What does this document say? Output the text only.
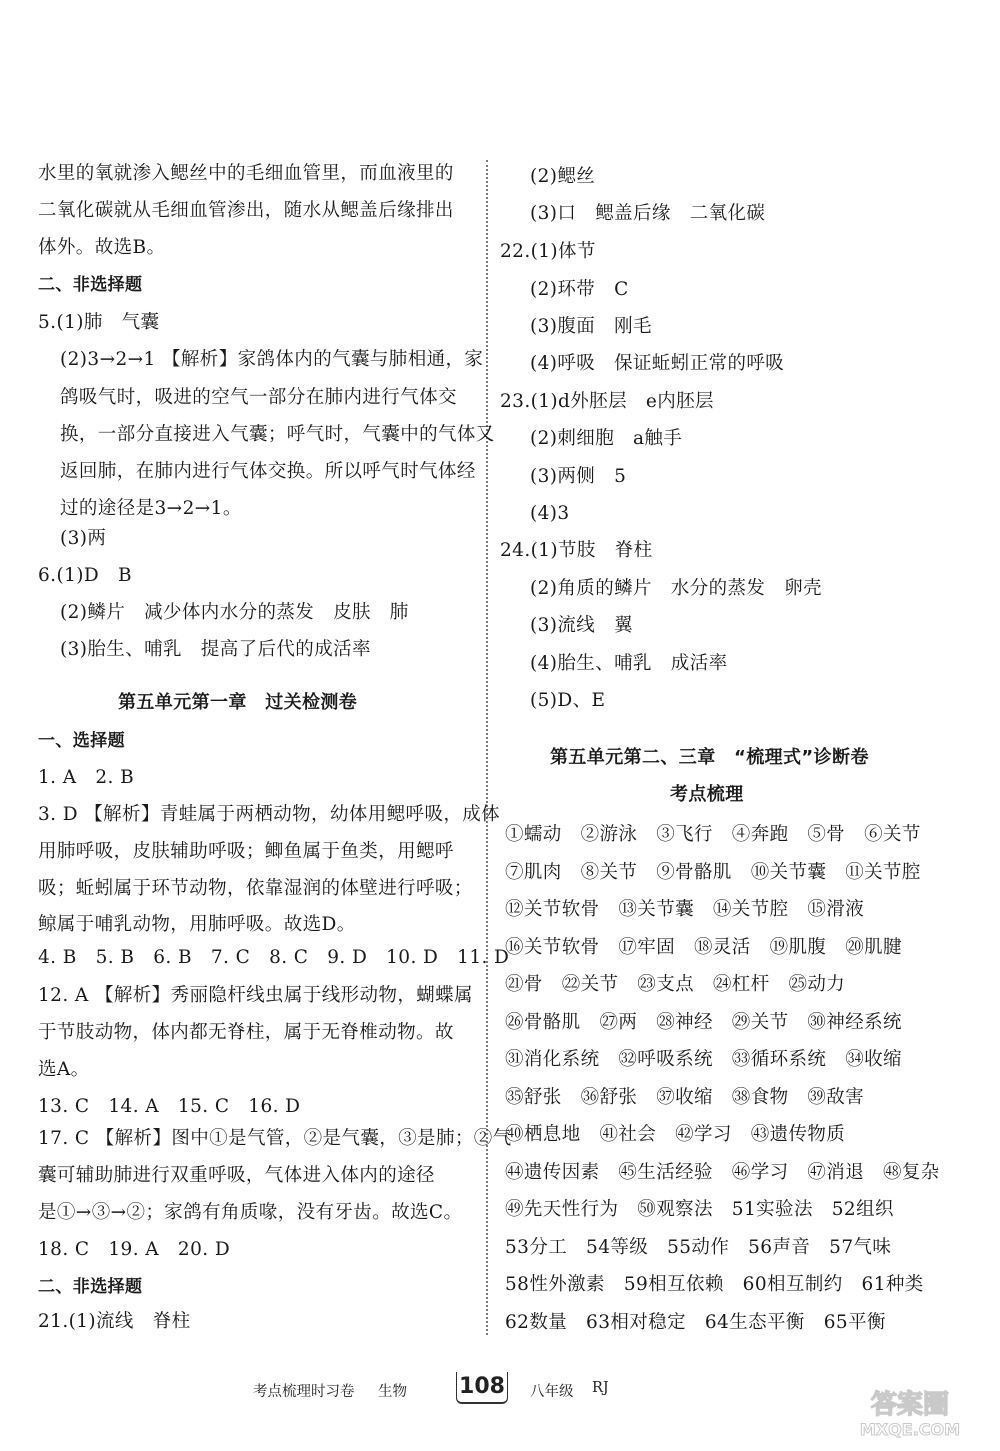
水里的氧就渗入鳃丝中的毛细血管里，而血液里的
二氧化碳就从毛细血管渗出，随水从鳃盖后缘排出
体外。故选B。
二、非选择题
5.(1)肺　气囊
(2)3→2→1 【解析】家鸽体内的气囊与肺相通，家
鸽吸气时，吸进的空气一部分在肺内进行气体交
换，一部分直接进入气囊；呼气时，气囊中的气体又
返回肺，在肺内进行气体交换。所以呼气时气体经
过的途径是3→2→1。
(3)两
6.(1)D　B
(2)鳞片　减少体内水分的蒸发　皮肤　肺
(3)胎生、哺乳　提高了后代的成活率
第五单元第一章　过关检测卷
一、选择题
1. A　2. B
3. D 【解析】青蛙属于两栖动物，幼体用鳃呼吸，成体
用肺呼吸，皮肤辅助呼吸；鲫鱼属于鱼类，用鳃呼
吸；蚯蚓属于环节动物，依靠湿润的体壁进行呼吸；
鲸属于哺乳动物，用肺呼吸。故选D。
4. B　5. B　6. B　7. C　8. C　9. D　10. D　11. D
12. A 【解析】秀丽隐杆线虫属于线形动物，蝴蝶属
于节肢动物，体内都无脊柱，属于无脊椎动物。故
选A。
13. C　14. A　15. C　16. D
17. C 【解析】图中①是气管，②是气囊，③是肺；②气
囊可辅助肺进行双重呼吸，气体进入体内的途径
是①→③→②；家鸽有角质喙，没有牙齿。故选C。
18. C　19. A　20. D
二、非选择题
21.(1)流线　脊柱
(2)鳃丝
(3)口　鳃盖后缘　二氧化碳
22.(1)体节
(2)环带　C
(3)腹面　刚毛
(4)呼吸　保证蚯蚓正常的呼吸
23.(1)d外胚层　e内胚层
(2)刺细胞　a触手
(3)两侧　5
(4)3
24.(1)节肢　脊柱
(2)角质的鳞片　水分的蒸发　卵壳
(3)流线　翼
(4)胎生、哺乳　成活率
(5)D、E
第五单元第二、三章　“梳理式”诊断卷
考点梳理
①蠕动　②游泳　③飞行　④奔跑　⑤骨　⑥关节
⑦肌肉　⑧关节　⑨骨骼肌　⑩关节囊　⑪关节腔
⑫关节软骨　⑬关节囊　⑭关节腔　⑮滑液
⑯关节软骨　⑰牢固　⑱灵活　⑲肌腹　⑳肌腱
㉑骨　㉒关节　㉓支点　㉔杠杆　㉕动力
㉖骨骼肌　㉗两　㉘神经　㉙关节　㉚神经系统
㉛消化系统　㉜呼吸系统　㉝循环系统　㉞收缩
㉟舒张　㊱舒张　㊲收缩　㊳食物　㊴敌害
㊵栖息地　㊶社会　㊷学习　㊸遗传物质
㊹遗传因素　㊺生活经验　㊻学习　㊼消退　㊽复杂
㊾先天性行为　㊿观察法　51实验法　52组织
53分工　54等级　55动作　56声音　57气味
58性外激素　59相互依赖　60相互制约　61种类
62数量　63相对稳定　64生态平衡　65平衡
考点梳理时习卷 生物 108 八年级 RJ
答案圈
MXQE.COM
